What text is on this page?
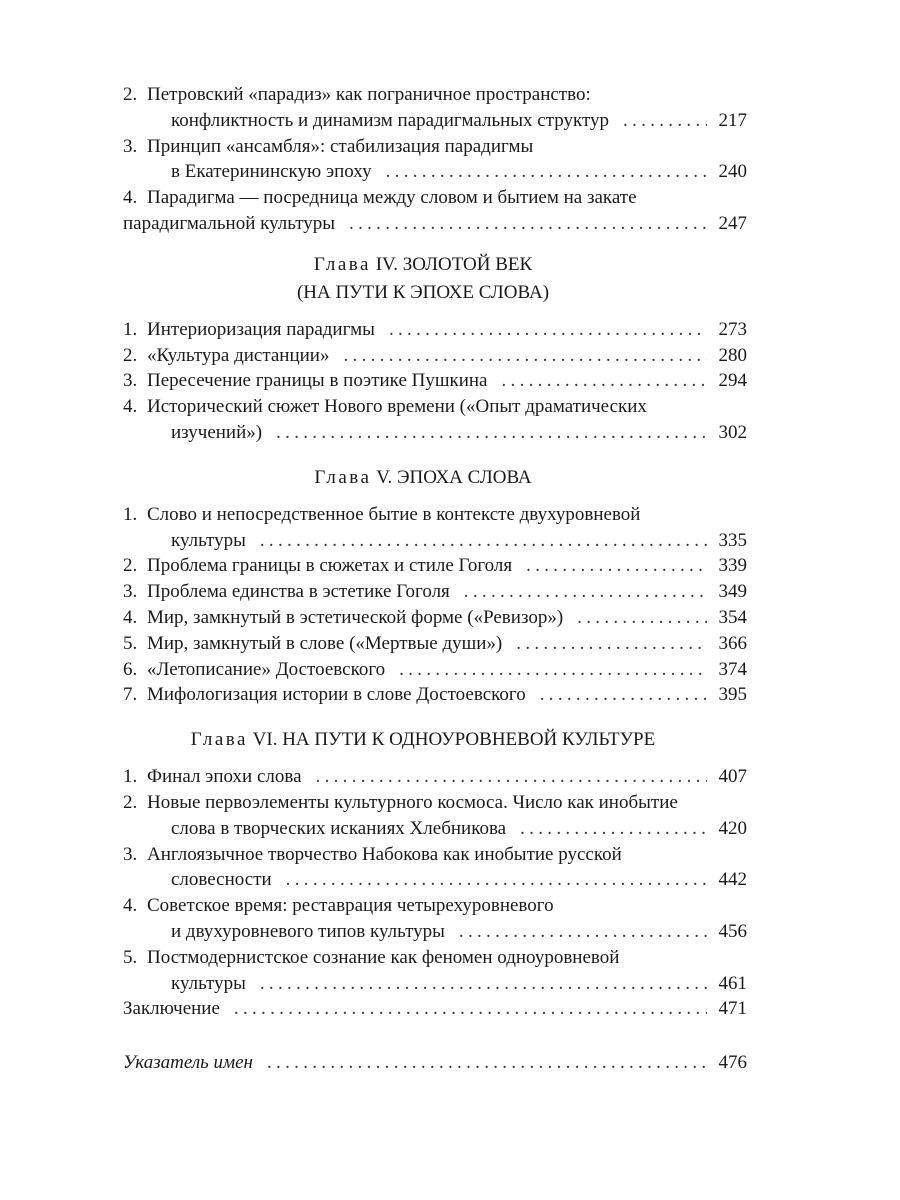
2. Петровский «парадиз» как пограничное пространство:
конфликтность и динамизм парадигмальных структур .....	217
3. Принцип «ансамбля»: стабилизация парадигмы
в Екатерининскую эпоху .....	240
4. Парадигма — посредница между словом и бытием на закате
парадигмальной культуры .....	247
Глава IV. ЗОЛОТОЙ ВЕК
(НА ПУТИ К ЭПОХЕ СЛОВА)
1. Интериоризация парадигмы .....	273
2. «Культура дистанции» .....	280
3. Пересечение границы в поэтике Пушкина .....	294
4. Исторический сюжет Нового времени («Опыт драматических
изучений») .....	302
Глава V. ЭПОХА СЛОВА
1. Слово и непосредственное бытие в контексте двухуровневой
культуры .....	335
2. Проблема границы в сюжетах и стиле Гоголя .....	339
3. Проблема единства в эстетике Гоголя .....	349
4. Мир, замкнутый в эстетической форме («Ревизор») .....	354
5. Мир, замкнутый в слове («Мертвые души») .....	366
6. «Летописание» Достоевского .....	374
7. Мифологизация истории в слове Достоевского .....	395
Глава VI. НА ПУТИ К ОДНОУРОВНЕВОЙ КУЛЬТУРЕ
1. Финал эпохи слова .....	407
2. Новые первоэлементы культурного космоса. Число как инобытие
слова в творческих исканиях Хлебникова .....	420
3. Англоязычное творчество Набокова как инобытие русской
словесности .....	442
4. Советское время: реставрация четырехуровневого
и двухуровневого типов культуры .....	456
5. Постмодернистское сознание как феномен одноуровневой
культуры .....	461
Заключение .....	471
Указатель имен .....	476
